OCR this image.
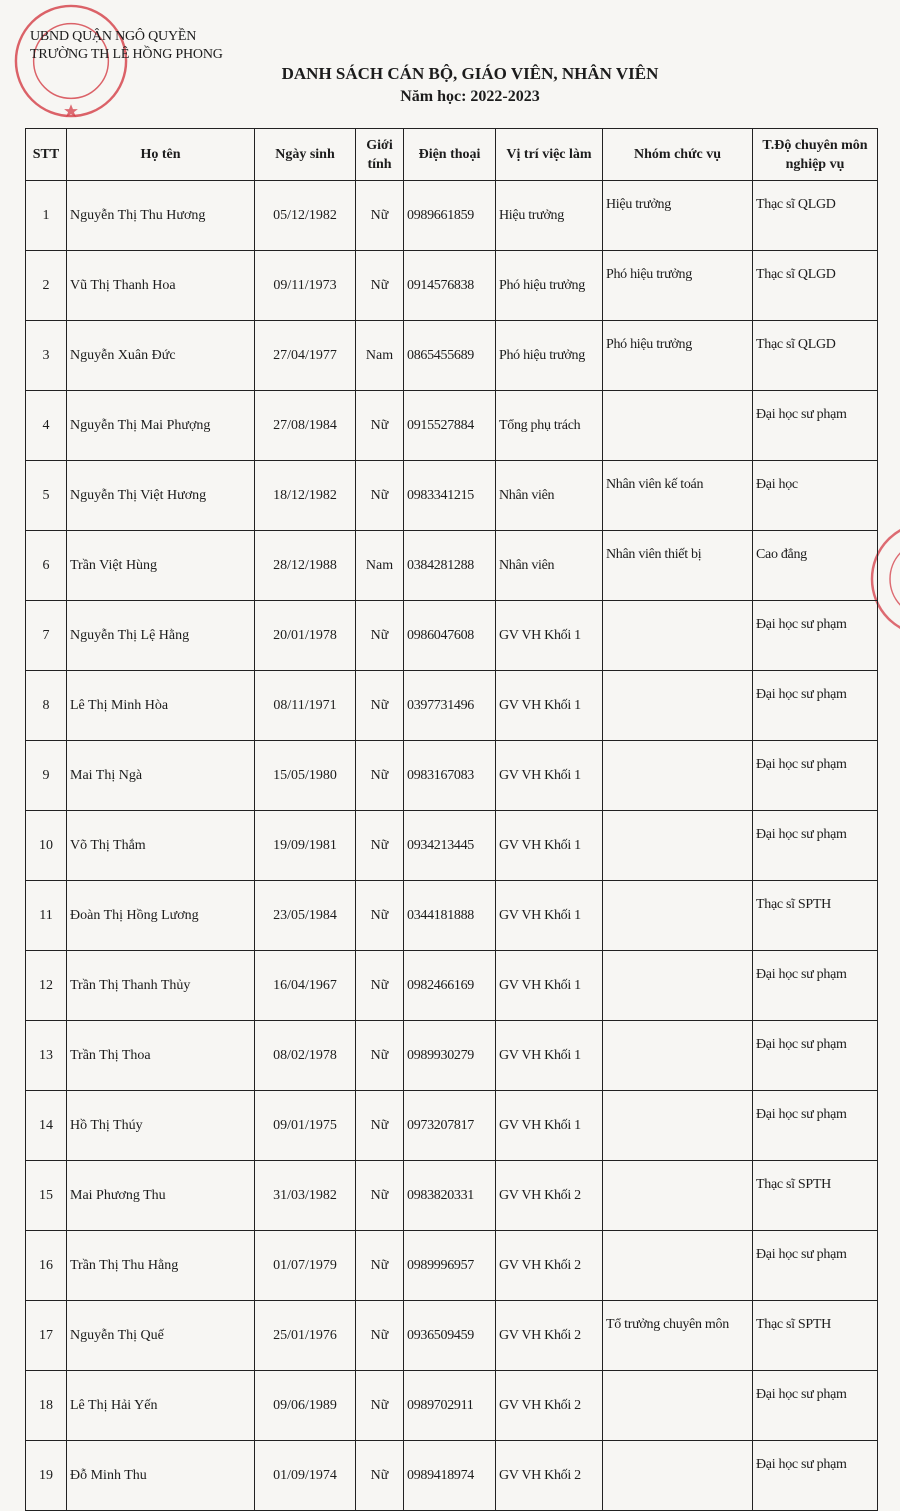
UBND QUẬN NGÔ QUYỀN
TRƯỜNG TH LÊ HỒNG PHONG
DANH SÁCH CÁN BỘ, GIÁO VIÊN, NHÂN VIÊN
Năm học: 2022-2023
STT	Họ tên	Ngày sinh	Giới tính	Điện thoại	Vị trí việc làm	Nhóm chức vụ	T.Độ chuyên môn nghiệp vụ
1	Nguyễn Thị Thu Hương	05/12/1982	Nữ	0989661859	Hiệu trưởng	Hiệu trưởng	Thạc sĩ QLGD
2	Vũ Thị Thanh Hoa	09/11/1973	Nữ	0914576838	Phó hiệu trưởng	Phó hiệu trưởng	Thạc sĩ QLGD
3	Nguyễn Xuân Đức	27/04/1977	Nam	0865455689	Phó hiệu trưởng	Phó hiệu trưởng	Thạc sĩ QLGD
4	Nguyễn Thị Mai Phượng	27/08/1984	Nữ	0915527884	Tổng phụ trách		Đại học sư phạm
5	Nguyễn Thị Việt Hương	18/12/1982	Nữ	0983341215	Nhân viên	Nhân viên kế toán	Đại học
6	Trần Việt Hùng	28/12/1988	Nam	0384281288	Nhân viên	Nhân viên thiết bị	Cao đẳng
7	Nguyễn Thị Lệ Hằng	20/01/1978	Nữ	0986047608	GV VH Khối 1		Đại học sư phạm
8	Lê Thị Minh Hòa	08/11/1971	Nữ	0397731496	GV VH Khối 1		Đại học sư phạm
9	Mai Thị Ngà	15/05/1980	Nữ	0983167083	GV VH Khối 1		Đại học sư phạm
10	Võ Thị Thắm	19/09/1981	Nữ	0934213445	GV VH Khối 1		Đại học sư phạm
11	Đoàn Thị Hồng Lương	23/05/1984	Nữ	0344181888	GV VH Khối 1		Thạc sĩ SPTH
12	Trần Thị Thanh Thủy	16/04/1967	Nữ	0982466169	GV VH Khối 1		Đại học sư phạm
13	Trần Thị Thoa	08/02/1978	Nữ	0989930279	GV VH Khối 1		Đại học sư phạm
14	Hồ Thị Thúy	09/01/1975	Nữ	0973207817	GV VH Khối 1		Đại học sư phạm
15	Mai Phương Thu	31/03/1982	Nữ	0983820331	GV VH Khối 2		Thạc sĩ SPTH
16	Trần Thị Thu Hằng	01/07/1979	Nữ	0989996957	GV VH Khối 2		Đại học sư phạm
17	Nguyễn Thị Quế	25/01/1976	Nữ	0936509459	GV VH Khối 2	Tổ trưởng chuyên môn	Thạc sĩ SPTH
18	Lê Thị Hải Yến	09/06/1989	Nữ	0989702911	GV VH Khối 2		Đại học sư phạm
19	Đỗ Minh Thu	01/09/1974	Nữ	0989418974	GV VH Khối 2		Đại học sư phạm
